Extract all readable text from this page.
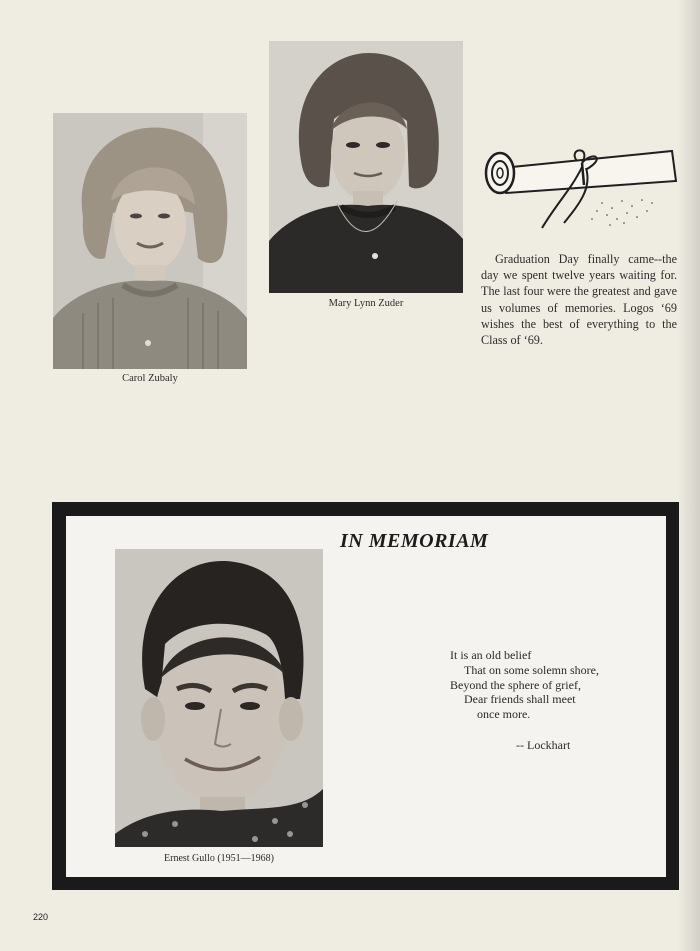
Carol Zubaly
Mary Lynn Zuder
Graduation Day finally came--the day we spent twelve years waiting for. The last four were the greatest and gave us volumes of memories. Logos ‘69 wishes the best of everything to the Class of ‘69.
IN MEMORIAM
Ernest Gullo (1951—1968)
It is an old belief
That on some solemn shore,
Beyond the sphere of grief,
Dear friends shall meet
once more.
-- Lockhart
220
